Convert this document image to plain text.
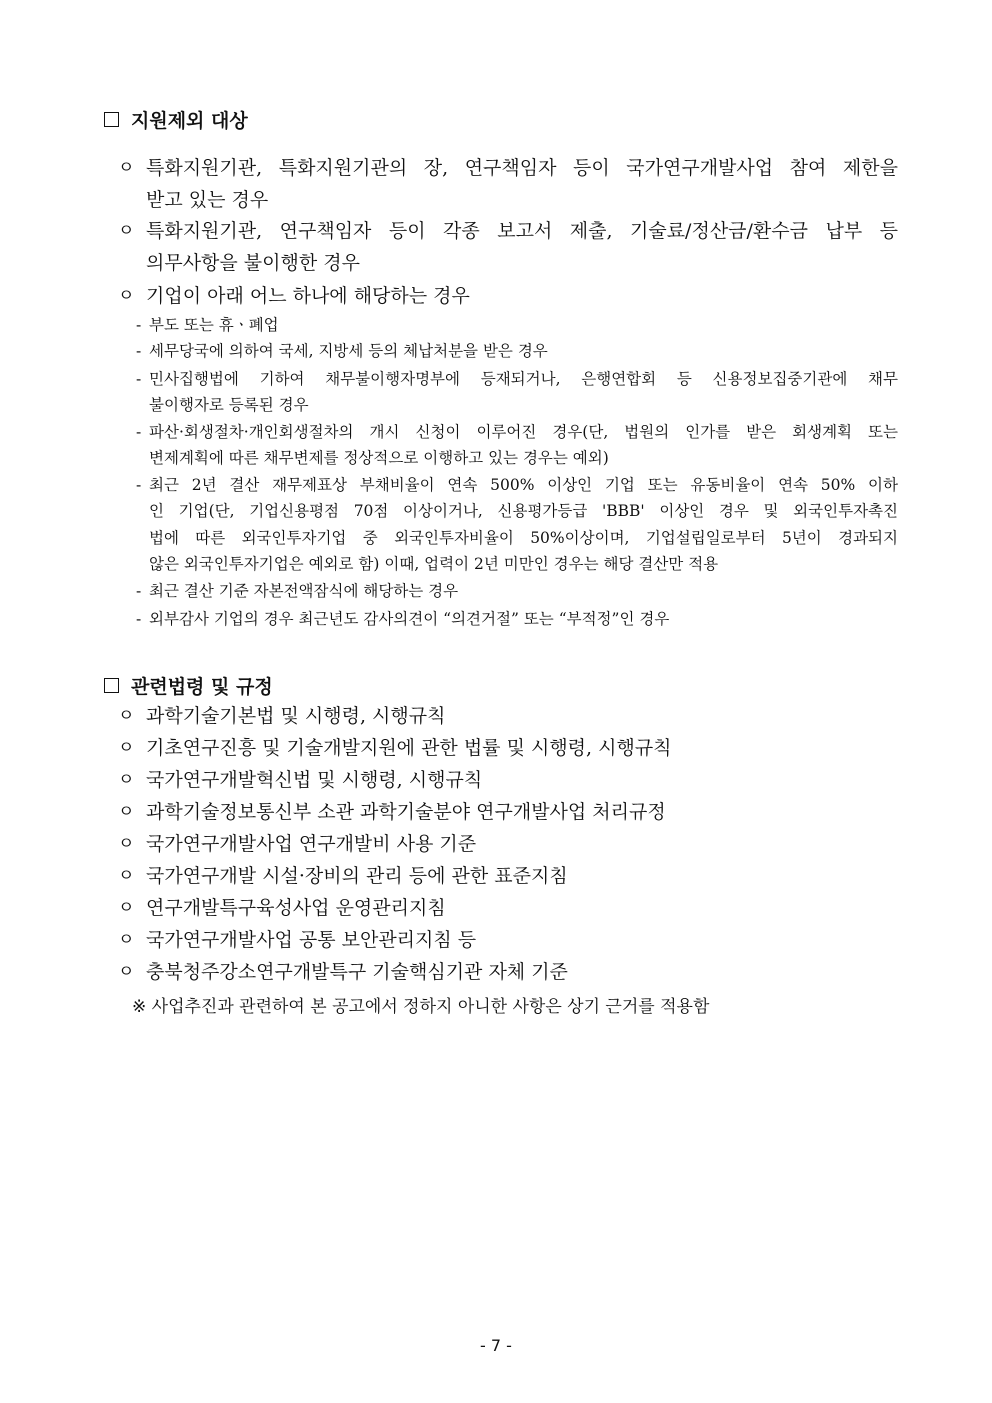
지원제외 대상
ㅇ 특화지원기관, 특화지원기관의 장, 연구책임자 등이 국가연구개발사업 참여 제한을
받고 있는 경우
ㅇ 특화지원기관, 연구책임자 등이 각종 보고서 제출, 기술료/정산금/환수금 납부 등
의무사항을 불이행한 경우
ㅇ 기업이 아래 어느 하나에 해당하는 경우
- 부도 또는 휴ㆍ폐업
- 세무당국에 의하여 국세, 지방세 등의 체납처분을 받은 경우
- 민사집행법에 기하여 채무불이행자명부에 등재되거나, 은행연합회 등 신용정보집중기관에 채무
불이행자로 등록된 경우
- 파산·회생절차·개인회생절차의 개시 신청이 이루어진 경우(단, 법원의 인가를 받은 회생계획 또는
변제계획에 따른 채무변제를 정상적으로 이행하고 있는 경우는 예외)
- 최근 2년 결산 재무제표상 부채비율이 연속 500% 이상인 기업 또는 유동비율이 연속 50% 이하
인 기업(단, 기업신용평점 70점 이상이거나, 신용평가등급 'BBB' 이상인 경우 및 외국인투자촉진
법에 따른 외국인투자기업 중 외국인투자비율이 50%이상이며, 기업설립일로부터 5년이 경과되지
않은 외국인투자기업은 예외로 함) 이때, 업력이 2년 미만인 경우는 해당 결산만 적용
- 최근 결산 기준 자본전액잠식에 해당하는 경우
- 외부감사 기업의 경우 최근년도 감사의견이 “의견거절” 또는 “부적정”인 경우
관련법령 및 규정
ㅇ 과학기술기본법 및 시행령, 시행규칙
ㅇ 기초연구진흥 및 기술개발지원에 관한 법률 및 시행령, 시행규칙
ㅇ 국가연구개발혁신법 및 시행령, 시행규칙
ㅇ 과학기술정보통신부 소관 과학기술분야 연구개발사업 처리규정
ㅇ 국가연구개발사업 연구개발비 사용 기준
ㅇ 국가연구개발 시설·장비의 관리 등에 관한 표준지침
ㅇ 연구개발특구육성사업 운영관리지침
ㅇ 국가연구개발사업 공통 보안관리지침 등
ㅇ 충북청주강소연구개발특구 기술핵심기관 자체 기준
※ 사업추진과 관련하여 본 공고에서 정하지 아니한 사항은 상기 근거를 적용함
- 7 -
